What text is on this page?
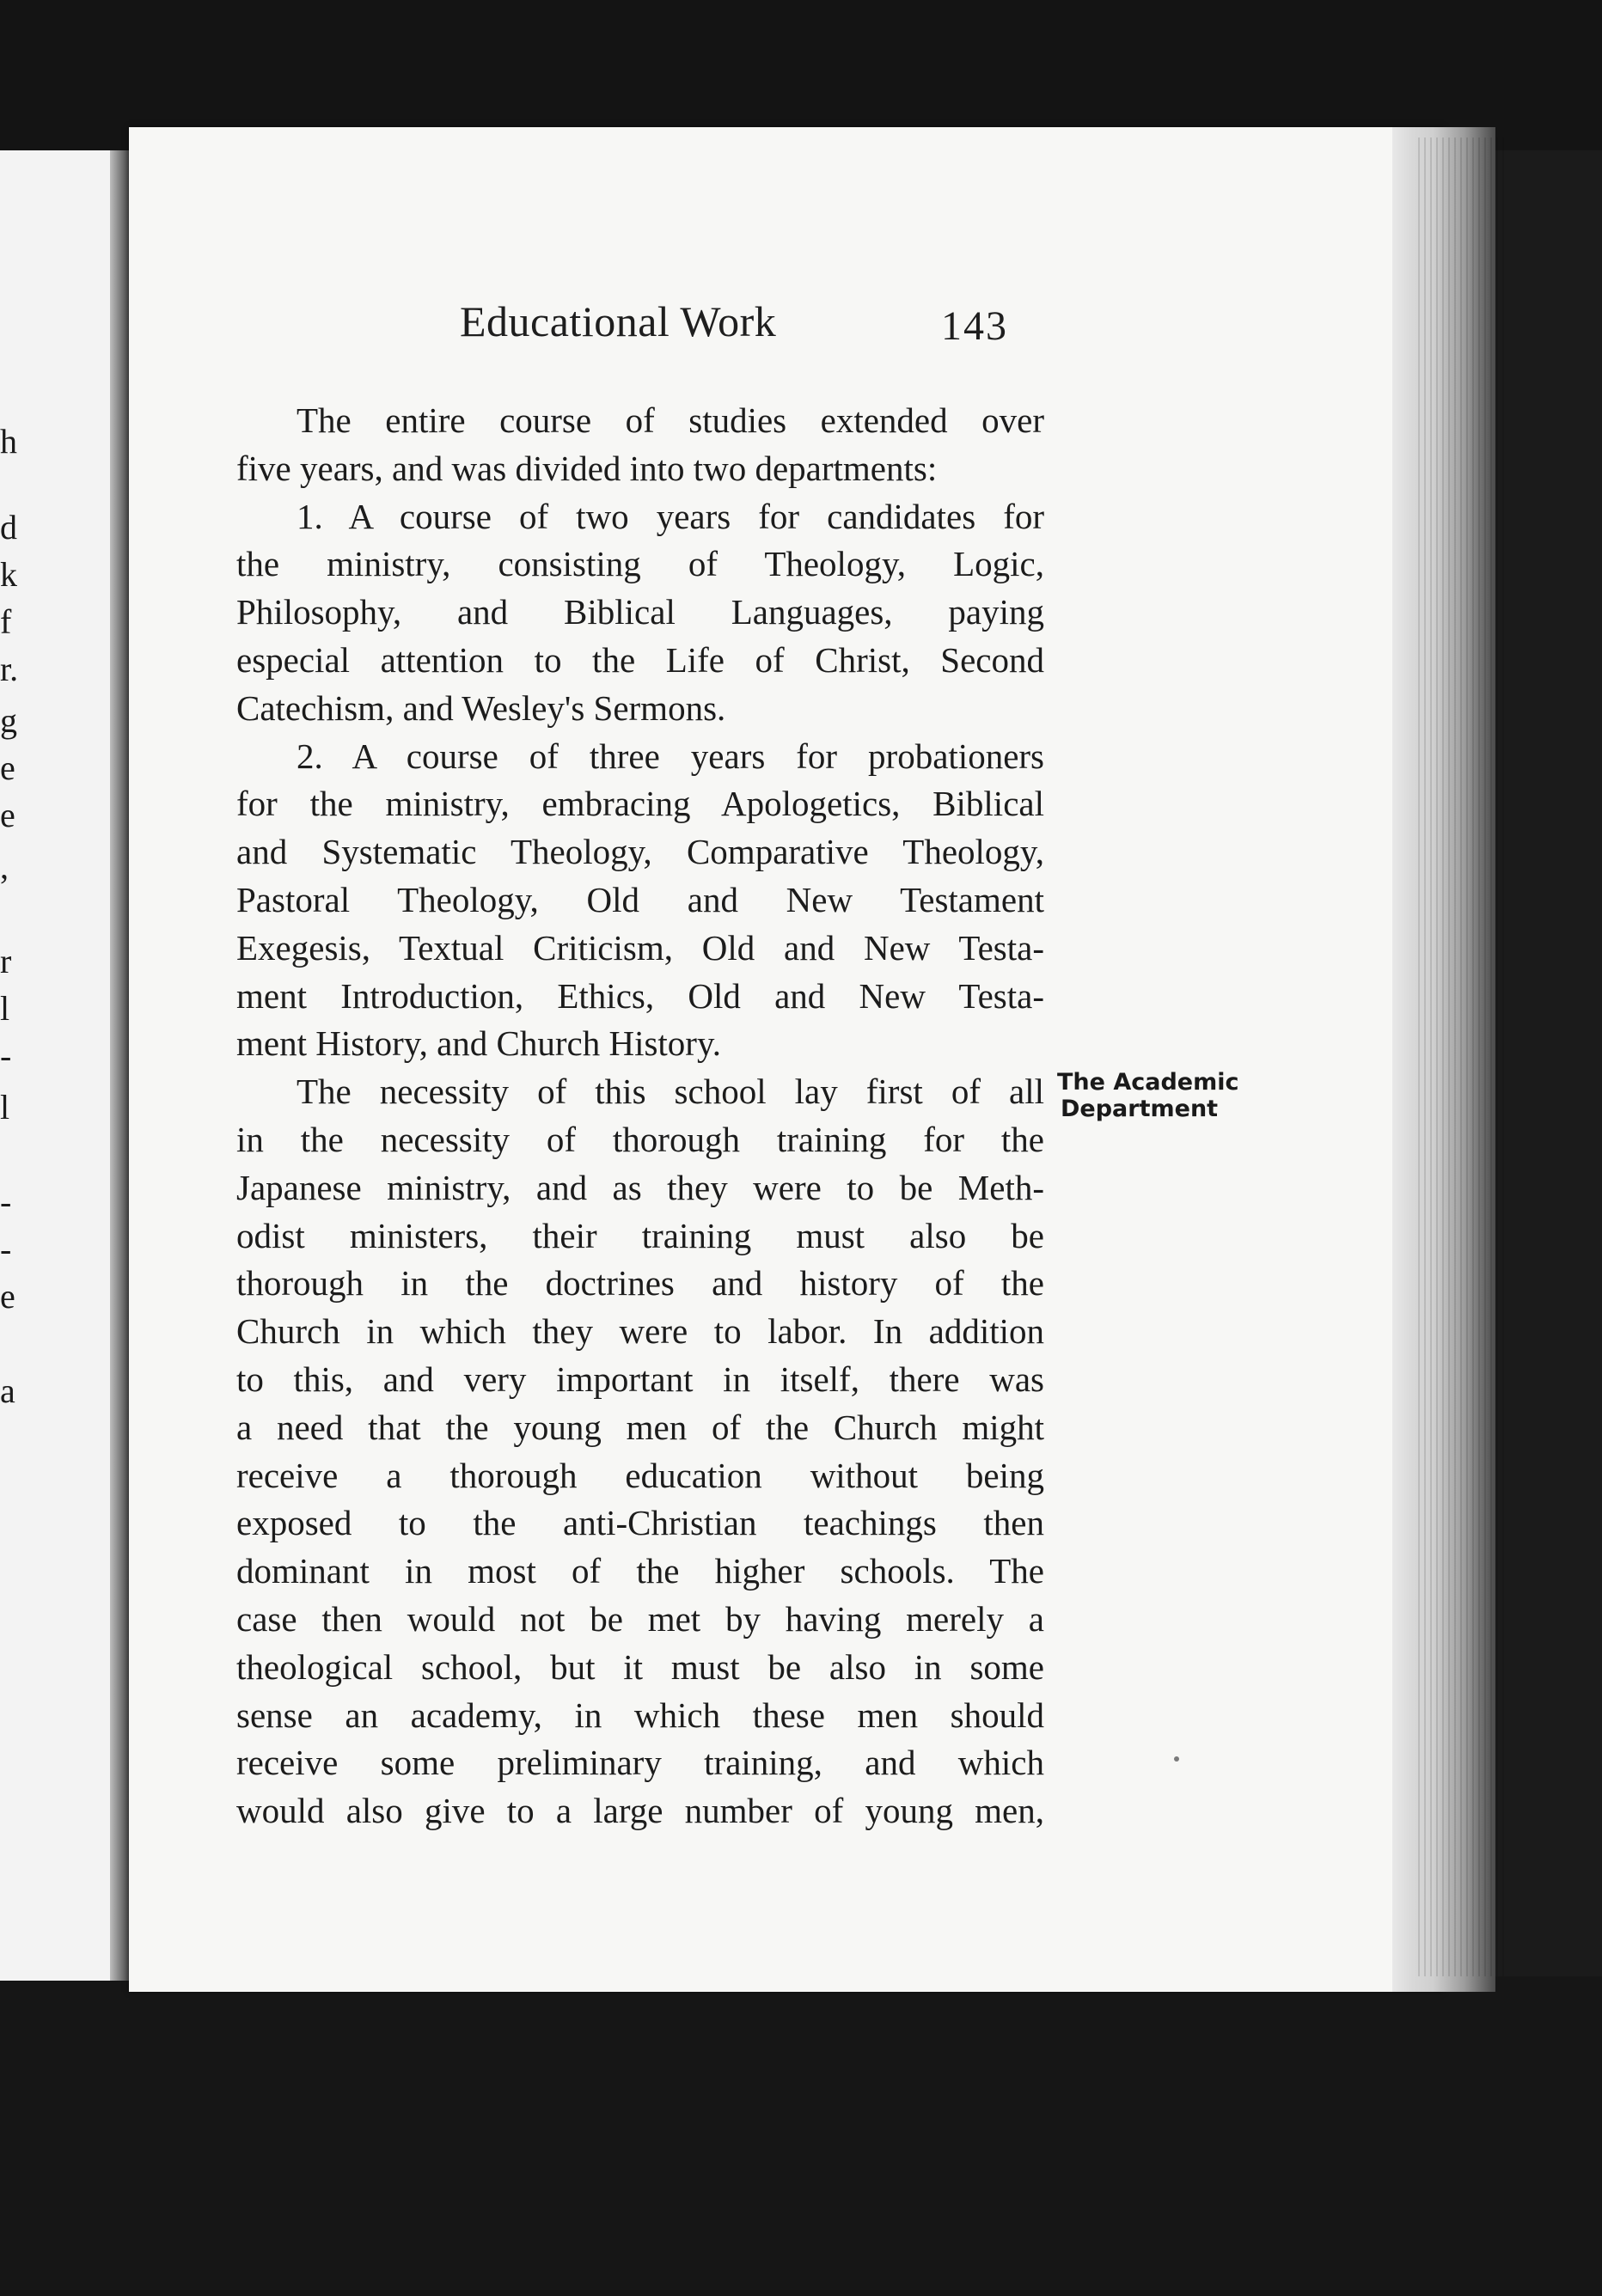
h
d
k
f
r.
g
e
e
,
r
l
-
l
-
-
e
a
Educational Work	143
The entire course of studies extended over
five years, and was divided into two departments:
1. A course of two years for candidates for
the ministry, consisting of Theology, Logic,
Philosophy, and Biblical Languages, paying
especial attention to the Life of Christ, Second
Catechism, and Wesley's Sermons.
2. A course of three years for probationers
for the ministry, embracing Apologetics, Biblical
and Systematic Theology, Comparative Theology,
Pastoral Theology, Old and New Testament
Exegesis, Textual Criticism, Old and New Testa-
ment Introduction, Ethics, Old and New Testa-
ment History, and Church History.
The necessity of this school lay first of all
in the necessity of thorough training for the
Japanese ministry, and as they were to be Meth-
odist ministers, their training must also be
thorough in the doctrines and history of the
Church in which they were to labor. In addition
to this, and very important in itself, there was
a need that the young men of the Church might
receive a thorough education without being
exposed to the anti-Christian teachings then
dominant in most of the higher schools. The
case then would not be met by having merely a
theological school, but it must be also in some
sense an academy, in which these men should
receive some preliminary training, and which
would also give to a large number of young men,
The Academic
Department
